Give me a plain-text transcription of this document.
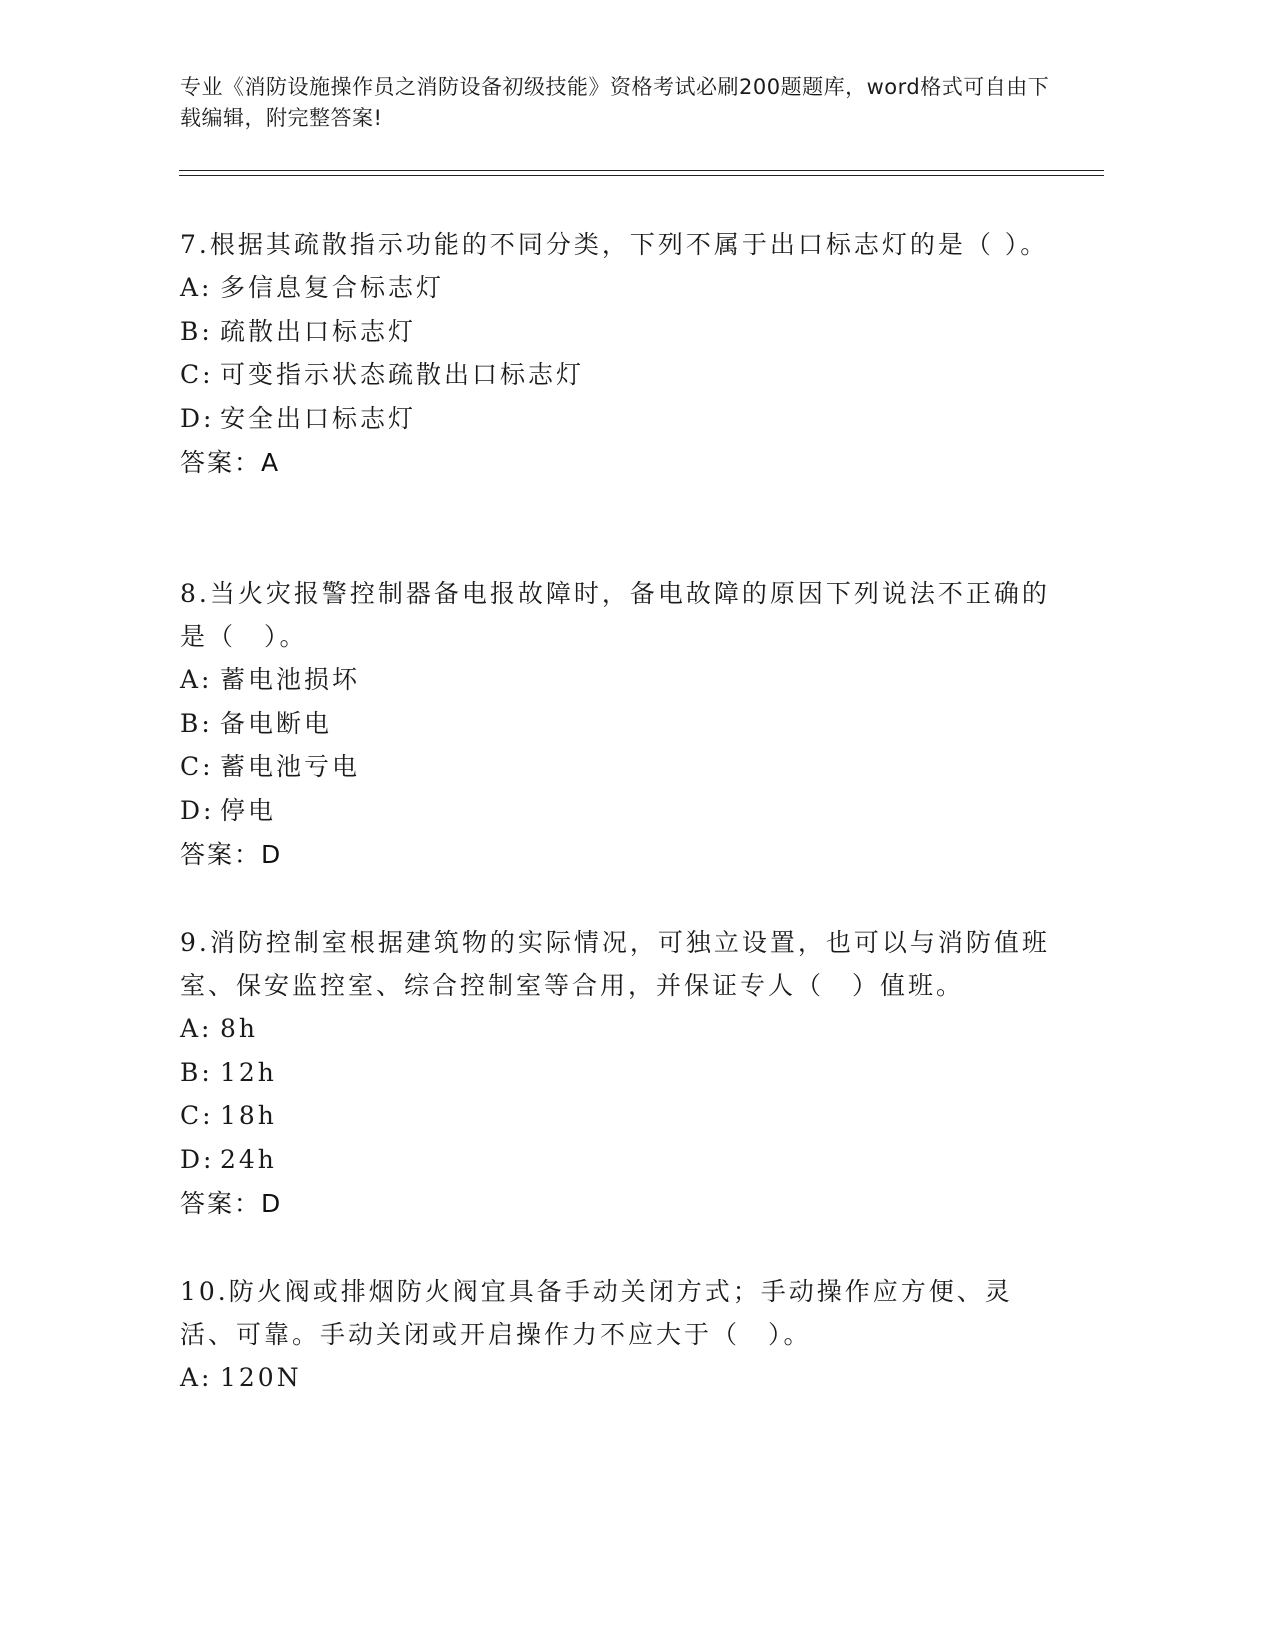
专业《消防设施操作员之消防设备初级技能》资格考试必刷200题题库，word格式可自由下载编辑，附完整答案!

7.根据其疏散指示功能的不同分类，下列不属于出口标志灯的是（ ）。

A: 多信息复合标志灯
B: 疏散出口标志灯
C: 可变指示状态疏散出口标志灯
D: 安全出口标志灯
答案：A

8.当火灾报警控制器备电报故障时，备电故障的原因下列说法不正确的是（　）。

A: 蓄电池损坏
B: 备电断电
C: 蓄电池亏电
D: 停电
答案：D

9.消防控制室根据建筑物的实际情况，可独立设置，也可以与消防值班室、保安监控室、综合控制室等合用，并保证专人（　）值班。

A: 8h
B: 12h
C: 18h
D: 24h
答案：D

10.防火阀或排烟防火阀宜具备手动关闭方式；手动操作应方便、灵活、可靠。手动关闭或开启操作力不应大于（　）。

A: 120N
